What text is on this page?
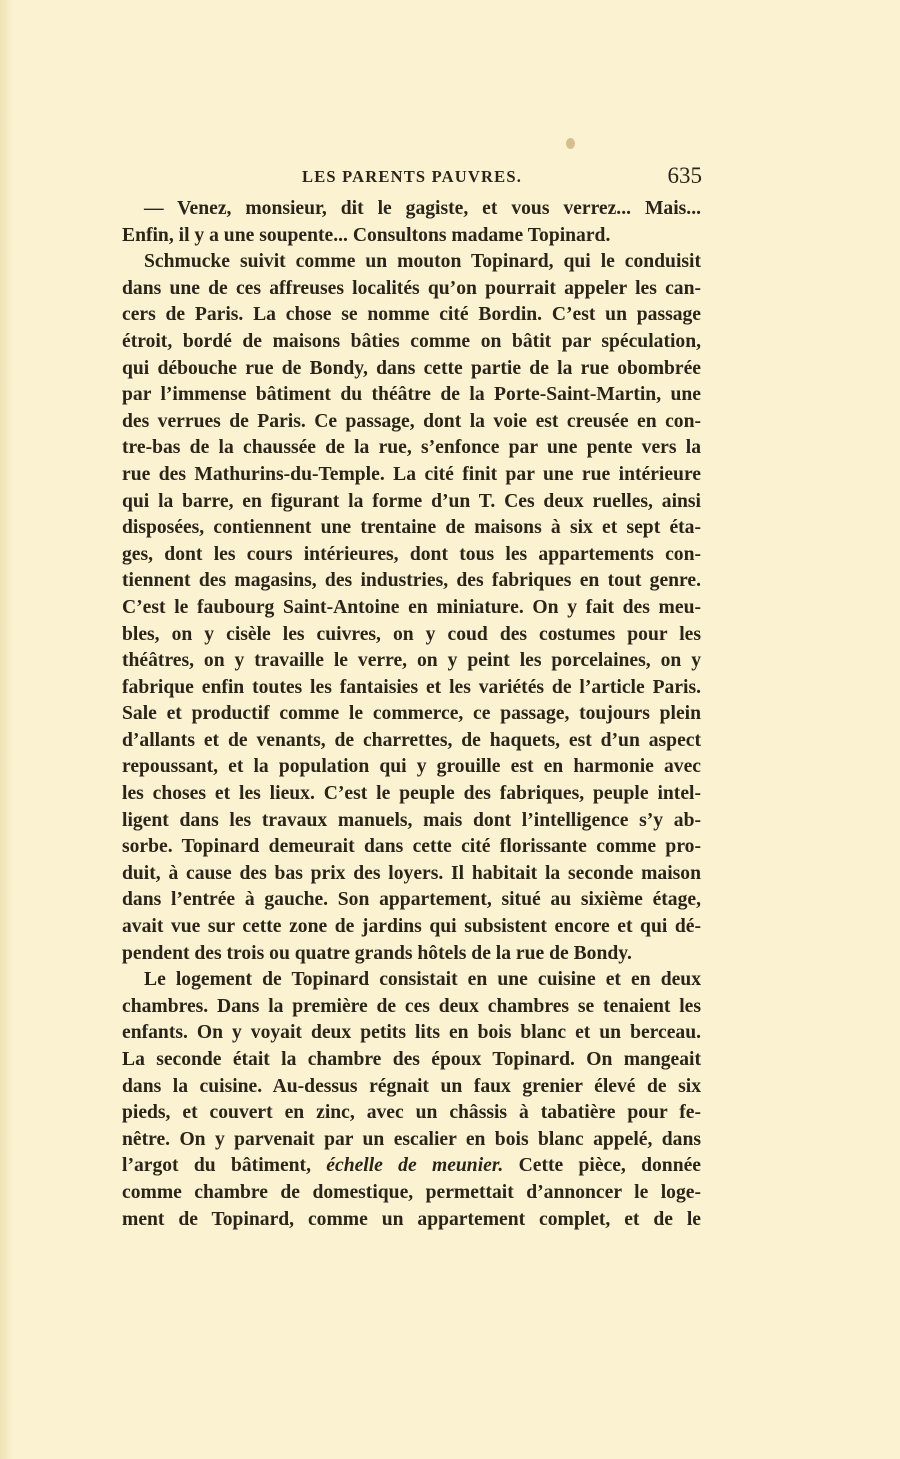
LES PARENTS PAUVRES.	635
— Venez, monsieur, dit le gagiste, et vous verrez... Mais...
Enfin, il y a une soupente... Consultons madame Topinard.
Schmucke suivit comme un mouton Topinard, qui le conduisit
dans une de ces affreuses localités qu’on pourrait appeler les can-
cers de Paris. La chose se nomme cité Bordin. C’est un passage
étroit, bordé de maisons bâties comme on bâtit par spéculation,
qui débouche rue de Bondy, dans cette partie de la rue obombrée
par l’immense bâtiment du théâtre de la Porte-Saint-Martin, une
des verrues de Paris. Ce passage, dont la voie est creusée en con-
tre-bas de la chaussée de la rue, s’enfonce par une pente vers la
rue des Mathurins-du-Temple. La cité finit par une rue intérieure
qui la barre, en figurant la forme d’un T. Ces deux ruelles, ainsi
disposées, contiennent une trentaine de maisons à six et sept éta-
ges, dont les cours intérieures, dont tous les appartements con-
tiennent des magasins, des industries, des fabriques en tout genre.
C’est le faubourg Saint-Antoine en miniature. On y fait des meu-
bles, on y cisèle les cuivres, on y coud des costumes pour les
théâtres, on y travaille le verre, on y peint les porcelaines, on y
fabrique enfin toutes les fantaisies et les variétés de l’article Paris.
Sale et productif comme le commerce, ce passage, toujours plein
d’allants et de venants, de charrettes, de haquets, est d’un aspect
repoussant, et la population qui y grouille est en harmonie avec
les choses et les lieux. C’est le peuple des fabriques, peuple intel-
ligent dans les travaux manuels, mais dont l’intelligence s’y ab-
sorbe. Topinard demeurait dans cette cité florissante comme pro-
duit, à cause des bas prix des loyers. Il habitait la seconde maison
dans l’entrée à gauche. Son appartement, situé au sixième étage,
avait vue sur cette zone de jardins qui subsistent encore et qui dé-
pendent des trois ou quatre grands hôtels de la rue de Bondy.
Le logement de Topinard consistait en une cuisine et en deux
chambres. Dans la première de ces deux chambres se tenaient les
enfants. On y voyait deux petits lits en bois blanc et un berceau.
La seconde était la chambre des époux Topinard. On mangeait
dans la cuisine. Au-dessus régnait un faux grenier élevé de six
pieds, et couvert en zinc, avec un châssis à tabatière pour fe-
nêtre. On y parvenait par un escalier en bois blanc appelé, dans
l’argot du bâtiment, échelle de meunier. Cette pièce, donnée
comme chambre de domestique, permettait d’annoncer le loge-
ment de Topinard, comme un appartement complet, et de le
